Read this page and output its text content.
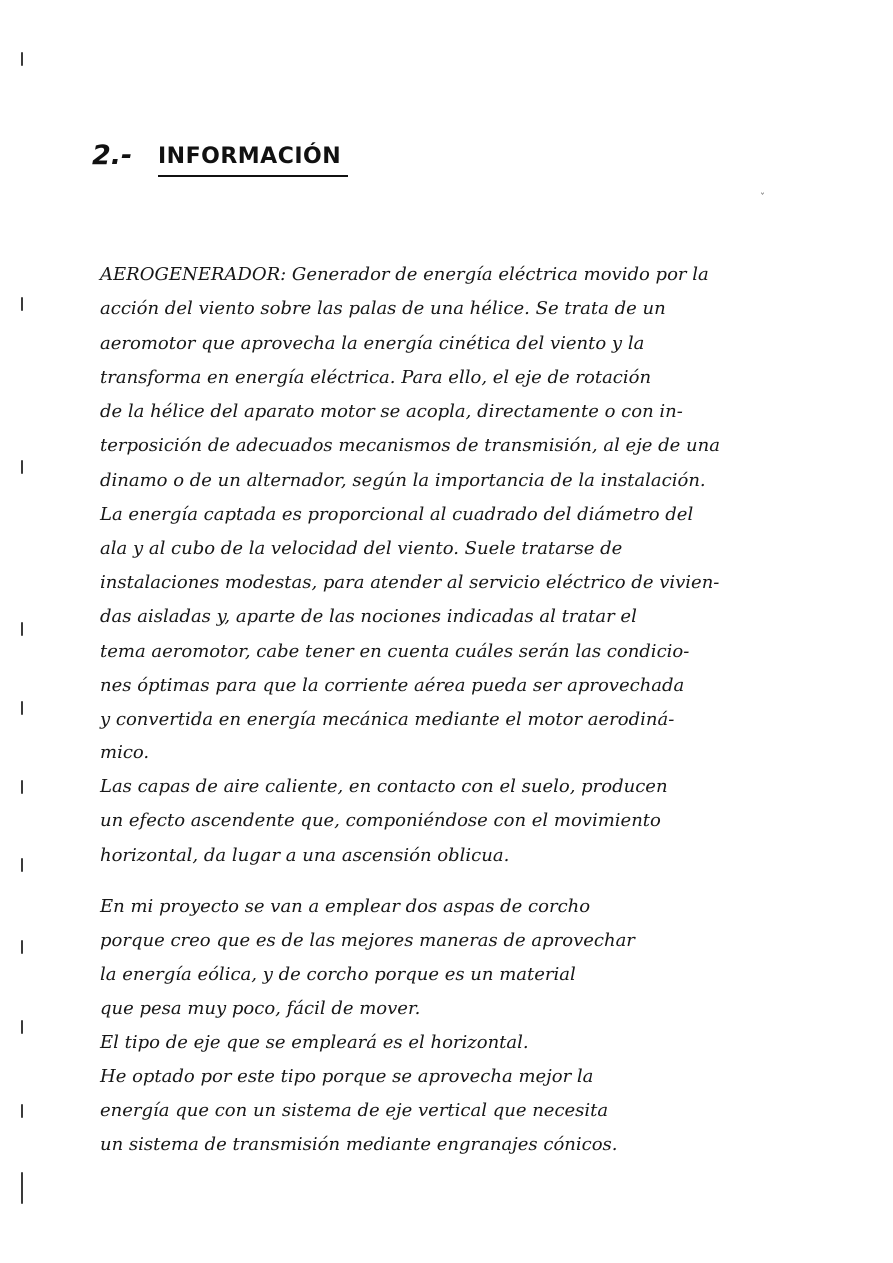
2.- INFORMACIÓN
ˇ
AEROGENERADOR: Generador de energía eléctrica movido por la
acción del viento sobre las palas de una hélice. Se trata de un
aeromotor que aprovecha la energía cinética del viento y la
transforma en energía eléctrica. Para ello, el eje de rotación
de la hélice del aparato motor se acopla, directamente o con in-
terposición de adecuados mecanismos de transmisión, al eje de una
dinamo o de un alternador, según la importancia de la instalación.
La energía captada es proporcional al cuadrado del diámetro del
ala y al cubo de la velocidad del viento. Suele tratarse de
instalaciones modestas, para atender al servicio eléctrico de vivien-
das aisladas y, aparte de las nociones indicadas al tratar el
tema aeromotor, cabe tener en cuenta cuáles serán las condicio-
nes óptimas para que la corriente aérea pueda ser aprovechada
y convertida en energía mecánica mediante el motor aerodiná-
mico.
Las capas de aire caliente, en contacto con el suelo, producen
un efecto ascendente que, componiéndose con el movimiento
horizontal, da lugar a una ascensión oblicua.
En mi proyecto se van a emplear dos aspas de corcho
porque creo que es de las mejores maneras de aprovechar
la energía eólica, y de corcho porque es un material
que pesa muy poco, fácil de mover.
El tipo de eje que se empleará es el horizontal.
He optado por este tipo porque se aprovecha mejor la
energía que con un sistema de eje vertical que necesita
un sistema de transmisión mediante engranajes cónicos.
